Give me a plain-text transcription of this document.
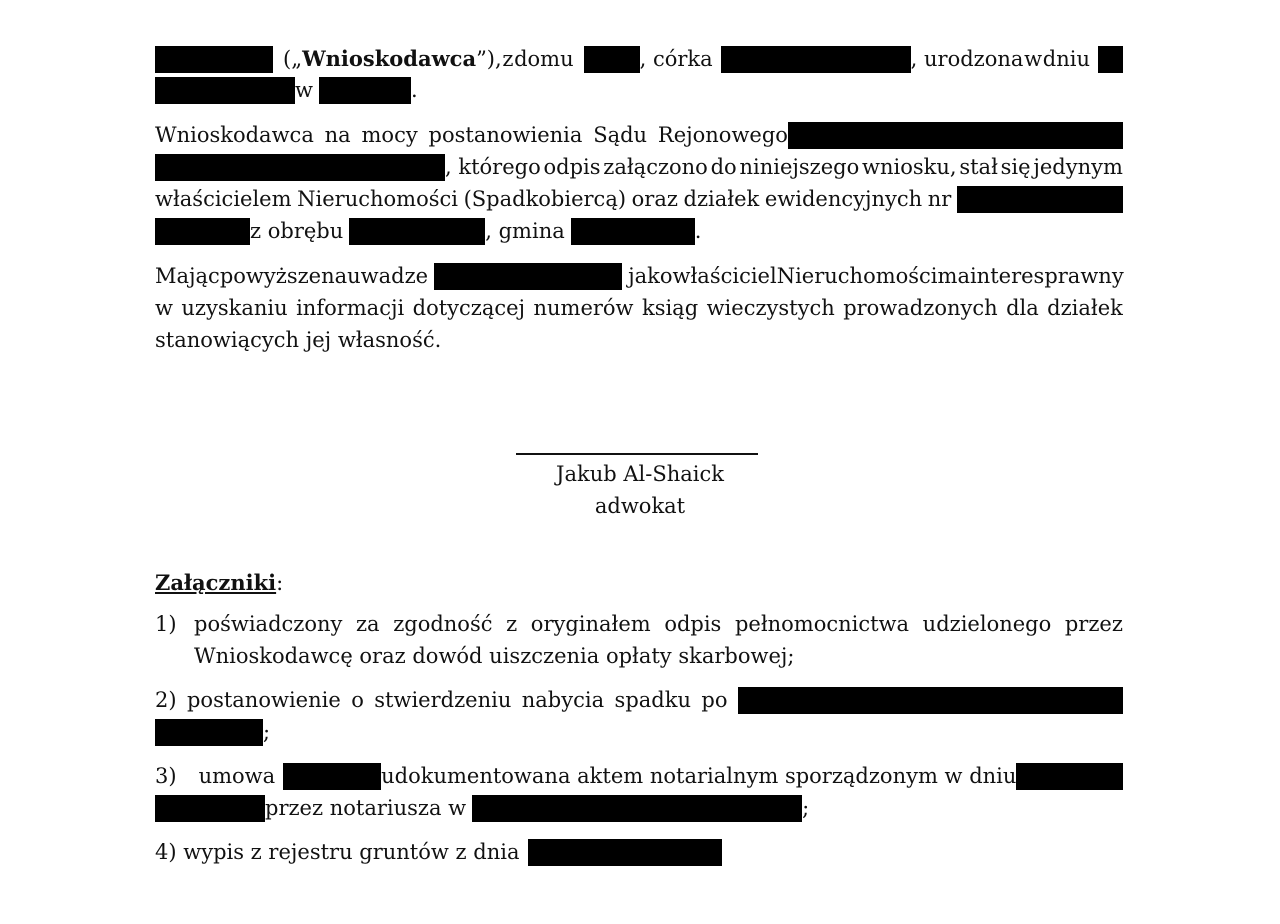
(„Wnioskodawca”), z domu	, córka	, urodzona w dniu
w	.
Wnioskodawca na mocy postanowienia Sądu Rejonowego
, którego odpis załączono do niniejszego wniosku, stał się jedynym
właścicielem Nieruchomości (Spadkobiercą) oraz działek ewidencyjnych nr
z obrębu	, gmina	.
Mając powyższe na uwadze	jako właściciel Nieruchomości ma interes prawny
w uzyskaniu informacji dotyczącej numerów ksiąg wieczystych prowadzonych dla działek
stanowiących jej własność.
Jakub Al-Shaick
adwokat
Załączniki:
1) poświadczony za zgodność z oryginałem odpis pełnomocnictwa udzielonego przez
Wnioskodawcę oraz dowód uiszczenia opłaty skarbowej;
2) postanowienie o stwierdzeniu nabycia spadku po
;
3) umowa	udokumentowana aktem notarialnym sporządzonym w dniu
przez notariusza w	;
4) wypis z rejestru gruntów z dnia
